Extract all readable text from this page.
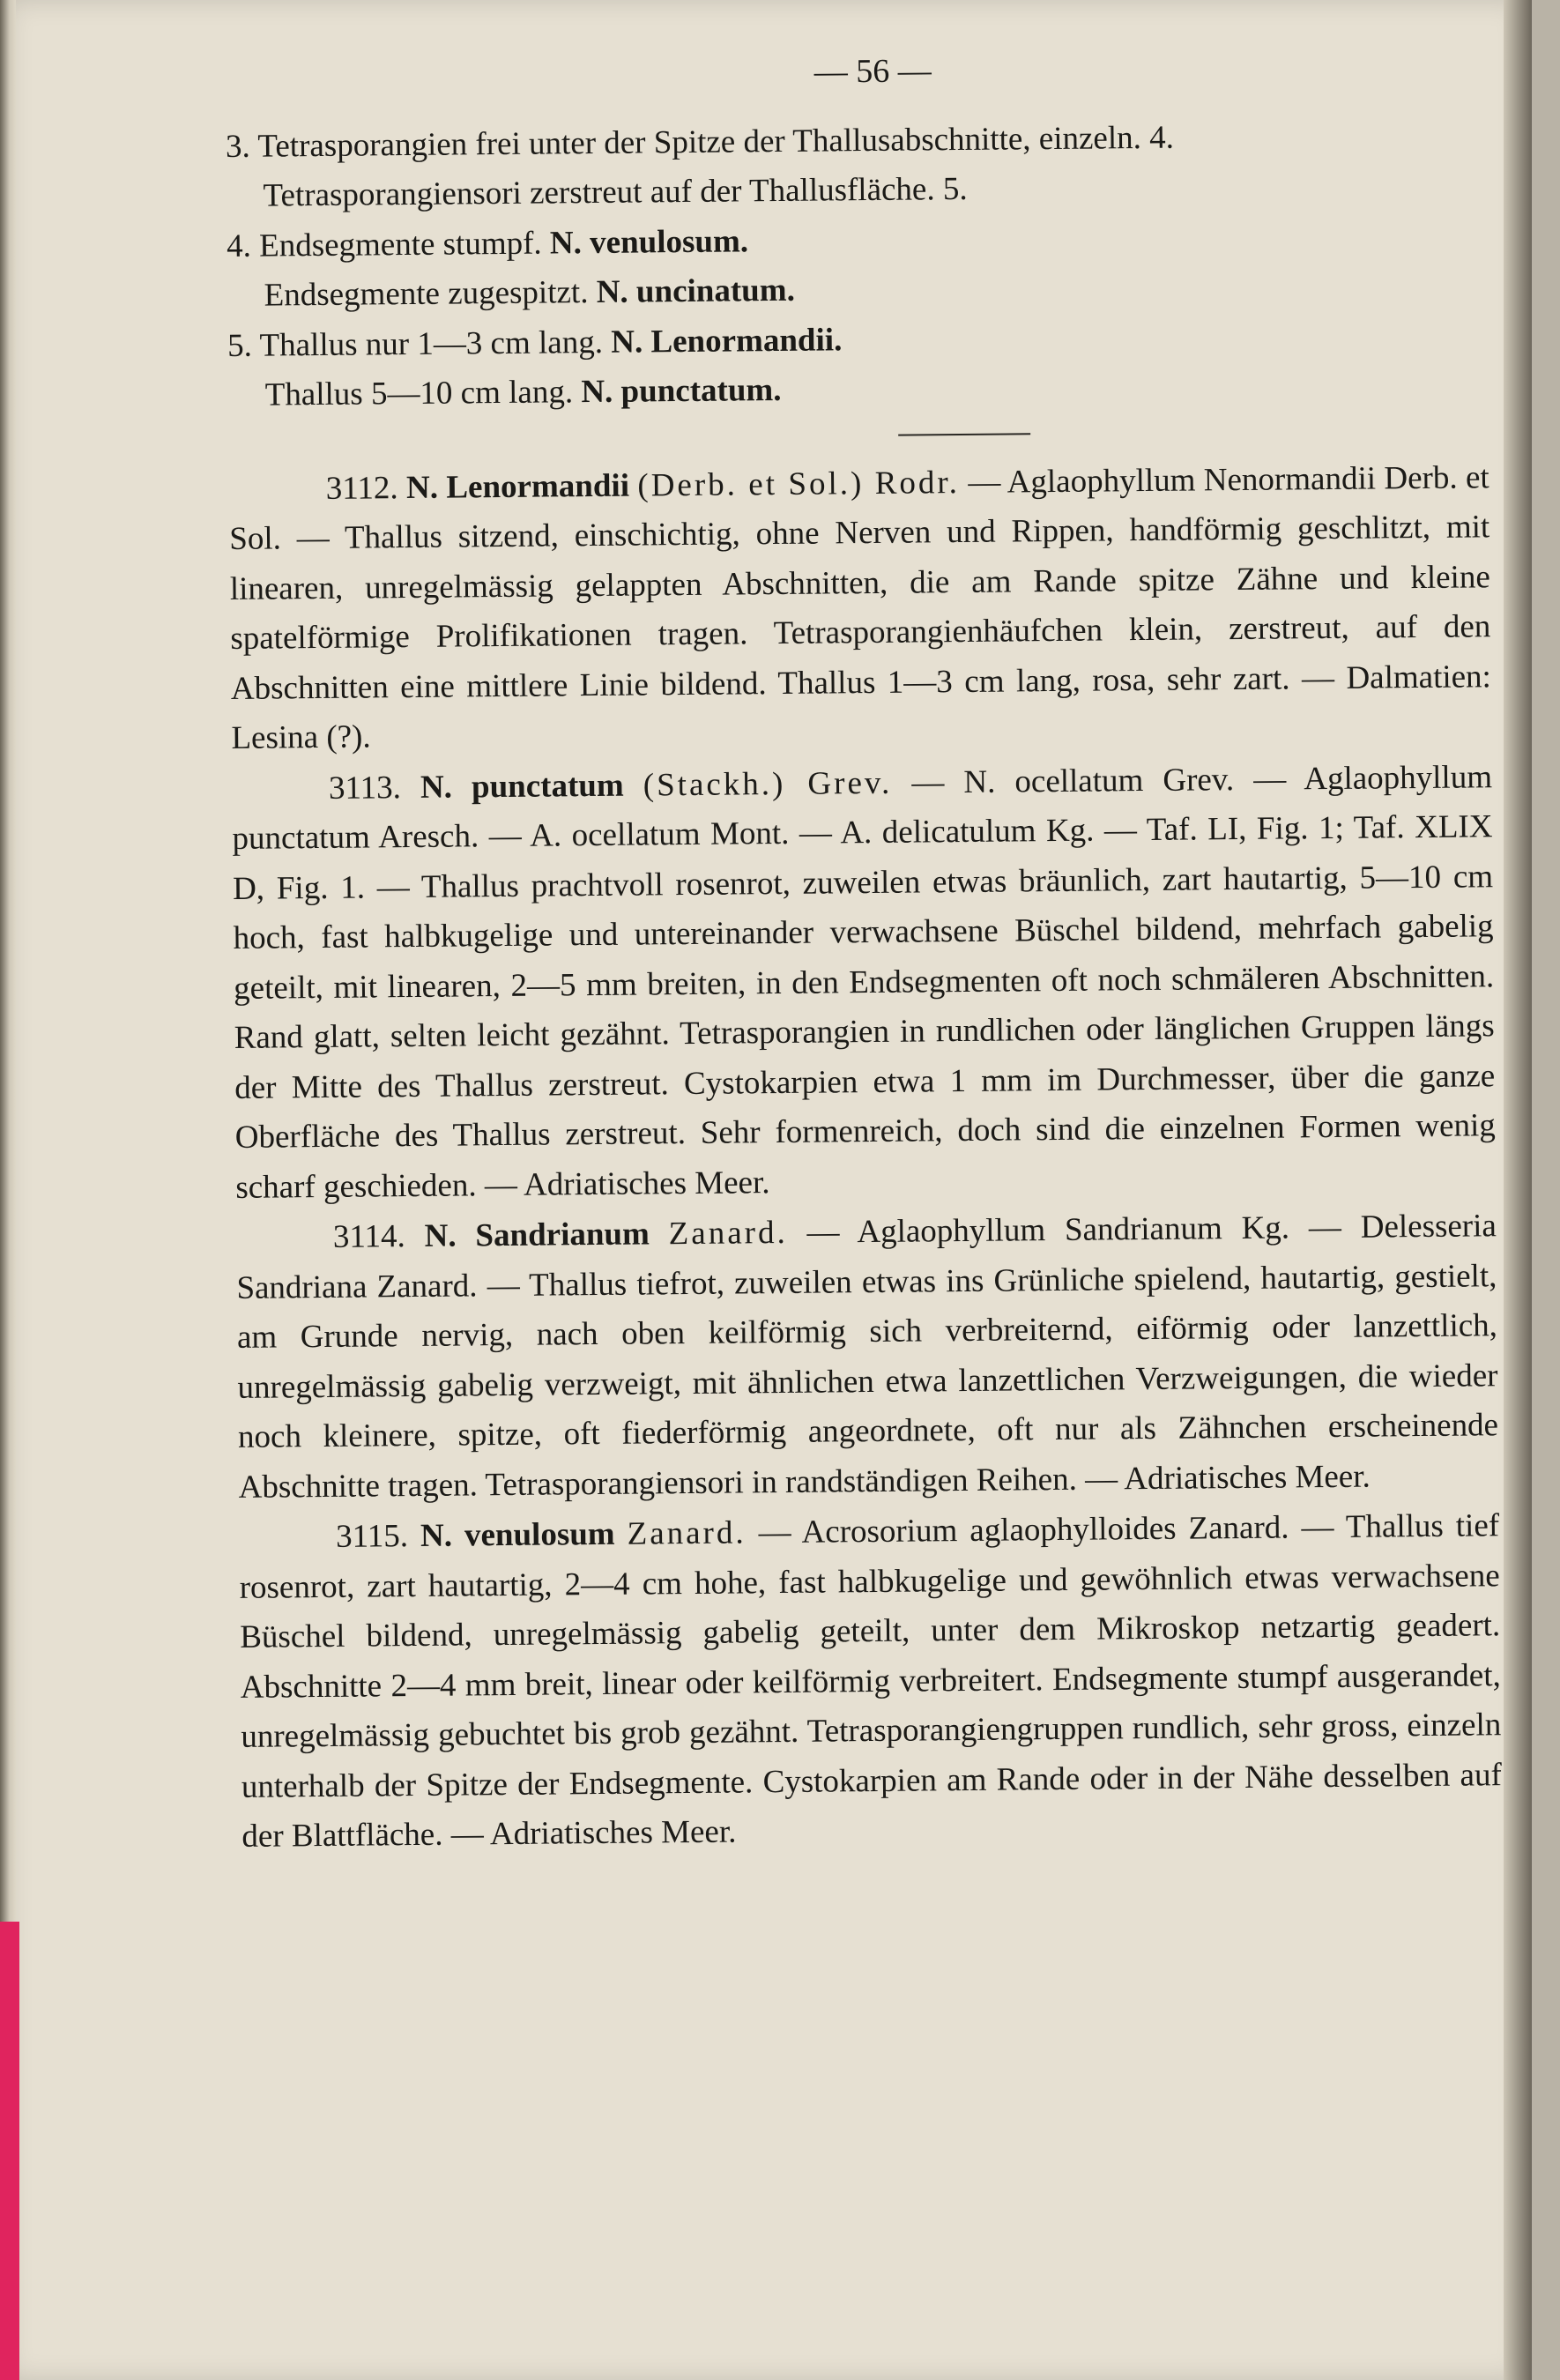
— 56 —
3. Tetrasporangien frei unter der Spitze der Thallusabschnitte, einzeln. 4.
Tetrasporangiensori zerstreut auf der Thallusfläche. 5.
4. Endsegmente stumpf. N. venulosum.
Endsegmente zugespitzt. N. uncinatum.
5. Thallus nur 1—3 cm lang. N. Lenormandii.
Thallus 5—10 cm lang. N. punctatum.

3112. N. Lenormandii (Derb. et Sol.) Rodr. — Aglaophyllum Nenormandii Derb. et Sol. — Thallus sitzend, einschichtig, ohne Nerven und Rippen, handförmig geschlitzt, mit linearen, unregelmässig gelappten Abschnitten, die am Rande spitze Zähne und kleine spatelförmige Prolifikationen tragen. Tetrasporangienhäufchen klein, zerstreut, auf den Abschnitten eine mittlere Linie bildend. Thallus 1—3 cm lang, rosa, sehr zart. — Dalmatien: Lesina (?).

3113. N. punctatum (Stackh.) Grev. — N. ocellatum Grev. — Aglaophyllum punctatum Aresch. — A. ocellatum Mont. — A. delicatulum Kg. — Taf. LI, Fig. 1; Taf. XLIX D, Fig. 1. — Thallus prachtvoll rosenrot, zuweilen etwas bräunlich, zart hautartig, 5—10 cm hoch, fast halbkugelige und untereinander verwachsene Büschel bildend, mehrfach gabelig geteilt, mit linearen, 2—5 mm breiten, in den Endsegmenten oft noch schmäleren Abschnitten. Rand glatt, selten leicht gezähnt. Tetrasporangien in rundlichen oder länglichen Gruppen längs der Mitte des Thallus zerstreut. Cystokarpien etwa 1 mm im Durchmesser, über die ganze Oberfläche des Thallus zerstreut. Sehr formenreich, doch sind die einzelnen Formen wenig scharf geschieden. — Adriatisches Meer.

3114. N. Sandrianum Zanard. — Aglaophyllum Sandrianum Kg. — Delesseria Sandriana Zanard. — Thallus tiefrot, zuweilen etwas ins Grünliche spielend, hautartig, gestielt, am Grunde nervig, nach oben keilförmig sich verbreiternd, eiförmig oder lanzettlich, unregelmässig gabelig verzweigt, mit ähnlichen etwa lanzettlichen Verzweigungen, die wieder noch kleinere, spitze, oft fiederförmig angeordnete, oft nur als Zähnchen erscheinende Abschnitte tragen. Tetrasporangiensori in randständigen Reihen. — Adriatisches Meer.

3115. N. venulosum Zanard. — Acrosorium aglaophylloides Zanard. — Thallus tief rosenrot, zart hautartig, 2—4 cm hohe, fast halbkugelige und gewöhnlich etwas verwachsene Büschel bildend, unregelmässig gabelig geteilt, unter dem Mikroskop netzartig geadert. Abschnitte 2—4 mm breit, linear oder keilförmig verbreitert. Endsegmente stumpf ausgerandet, unregelmässig gebuchtet bis grob gezähnt. Tetrasporangiengruppen rundlich, sehr gross, einzeln unterhalb der Spitze der Endsegmente. Cystokarpien am Rande oder in der Nähe desselben auf der Blattfläche. — Adriatisches Meer.
